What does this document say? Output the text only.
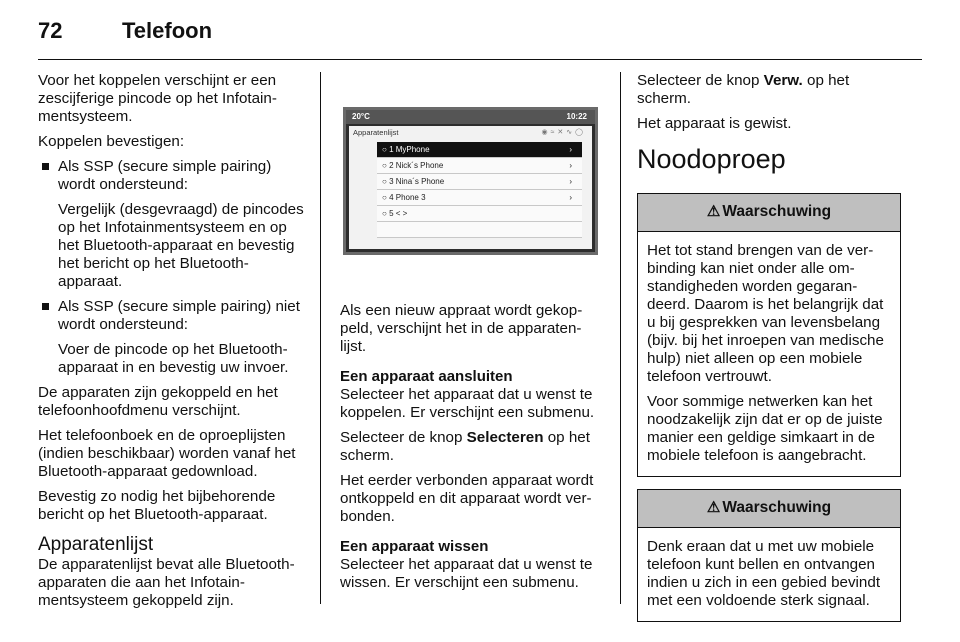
72	Telefoon

Voor het koppelen verschijnt er een zescijferige pincode op het Infotainmentsysteem.

Koppelen bevestigen:

Als SSP (secure simple pairing) wordt ondersteund:
Vergelijk (desgevraagd) de pincodes op het Infotainmentsysteem en op het Bluetooth-apparaat en bevestig het bericht op het Bluetooth-apparaat.
Als SSP (secure simple pairing) niet wordt ondersteund:
Voer de pincode op het Bluetooth-apparaat in en bevestig uw invoer.

De apparaten zijn gekoppeld en het telefoonhoofdmenu verschijnt.

Het telefoonboek en de oproeplijsten (indien beschikbaar) worden vanaf het Bluetooth-apparaat gedownload.

Bevestig zo nodig het bijbehorende bericht op het Bluetooth-apparaat.

Apparatenlijst

De apparatenlijst bevat alle Bluetooth-apparaten die aan het Infotainmentsysteem gekoppeld zijn.

20°C	10:22
Apparatenlijst	◉≈✕∿◯
○ 1 MyPhone	›
○ 2 Nick´s Phone	›
○ 3 Nina´s Phone	›
○ 4 Phone 3	›
○ 5 < >

Als een nieuw appraat wordt gekoppeld, verschijnt het in de apparatenlijst.

Een apparaat aansluiten

Selecteer het apparaat dat u wenst te koppelen. Er verschijnt een submenu.

Selecteer de knop Selecteren op het scherm.

Het eerder verbonden apparaat wordt ontkoppeld en dit apparaat wordt verbonden.

Een apparaat wissen

Selecteer het apparaat dat u wenst te wissen. Er verschijnt een submenu.

Selecteer de knop Verw. op het scherm.

Het apparaat is gewist.

Noodoproep
⚠ Waarschuwing

Het tot stand brengen van de verbinding kan niet onder alle omstandigheden worden gegarandeerd. Daarom is het belangrijk dat u bij gesprekken van levensbelang (bijv. bij het inroepen van medische hulp) niet alleen op een mobiele telefoon vertrouwt.

Voor sommige netwerken kan het noodzakelijk zijn dat er op de juiste manier een geldige simkaart in de mobiele telefoon is aangebracht.

⚠ Waarschuwing

Denk eraan dat u met uw mobiele telefoon kunt bellen en ontvangen indien u zich in een gebied bevindt met een voldoende sterk signaal.
